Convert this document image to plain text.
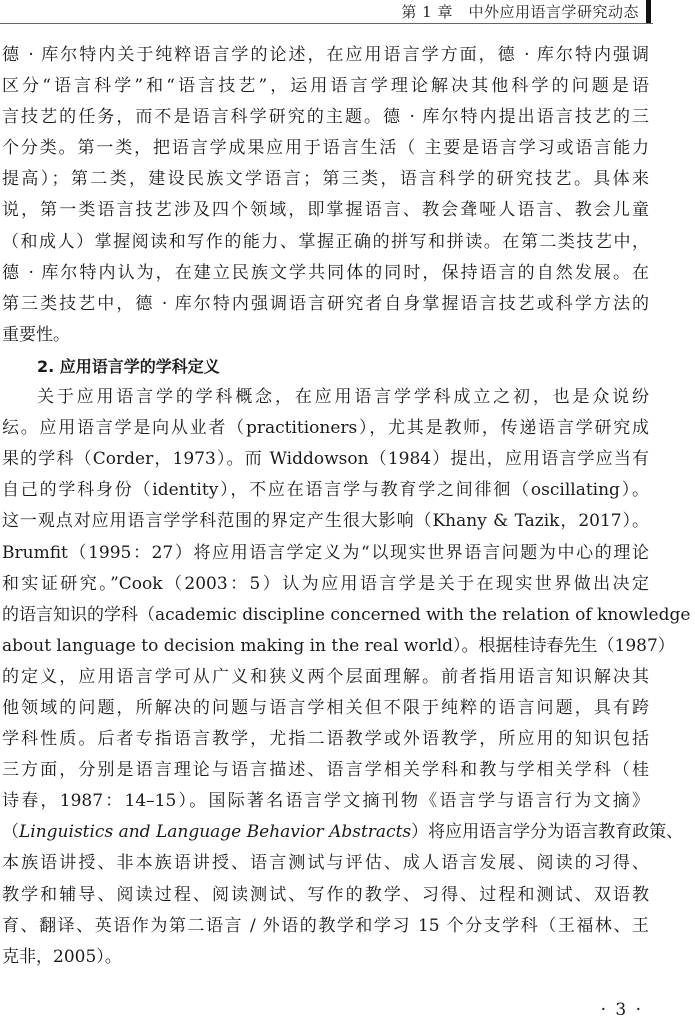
第 1 章　中外应用语言学研究动态

德 · 库尔特内关于纯粹语言学的论述，在应用语言学方面，德 · 库尔特内强调
区分“语言科学”和“语言技艺”，运用语言学理论解决其他科学的问题是语
言技艺的任务，而不是语言科学研究的主题。德 · 库尔特内提出语言技艺的三
个分类。第一类，把语言学成果应用于语言生活（ 主要是语言学习或语言能力
提高）；第二类，建设民族文学语言；第三类，语言科学的研究技艺。具体来
说，第一类语言技艺涉及四个领域，即掌握语言、教会聋哑人语言、教会儿童
（和成人）掌握阅读和写作的能力、掌握正确的拼写和拼读。在第二类技艺中，
德 · 库尔特内认为，在建立民族文学共同体的同时，保持语言的自然发展。在
第三类技艺中，德 · 库尔特内强调语言研究者自身掌握语言技艺或科学方法的
重要性。
2. 应用语言学的学科定义
关于应用语言学的学科概念，在应用语言学学科成立之初，也是众说纷
纭。应用语言学是向从业者（practitioners），尤其是教师，传递语言学研究成
果的学科（Corder，1973）。而 Widdowson（1984）提出，应用语言学应当有
自己的学科身份（identity），不应在语言学与教育学之间徘徊（oscillating）。
这一观点对应用语言学学科范围的界定产生很大影响（Khany & Tazik，2017）。
Brumfit（1995：27）将应用语言学定义为“以现实世界语言问题为中心的理论
和实证研究。”Cook（2003：5）认为应用语言学是关于在现实世界做出决定
的语言知识的学科（academic discipline concerned with the relation of knowledge
about language to decision making in the real world）。根据桂诗春先生（1987）
的定义，应用语言学可从广义和狭义两个层面理解。前者指用语言知识解决其
他领域的问题，所解决的问题与语言学相关但不限于纯粹的语言问题，具有跨
学科性质。后者专指语言教学，尤指二语教学或外语教学，所应用的知识包括
三方面，分别是语言理论与语言描述、语言学相关学科和教与学相关学科（桂
诗春，1987：14–15）。国际著名语言学文摘刊物《语言学与语言行为文摘》
（Linguistics and Language Behavior Abstracts）将应用语言学分为语言教育政策、
本族语讲授、非本族语讲授、语言测试与评估、成人语言发展、阅读的习得、
教学和辅导、阅读过程、阅读测试、写作的教学、习得、过程和测试、双语教
育、翻译、英语作为第二语言 / 外语的教学和学习 15 个分支学科（王福林、王
克非，2005）。
· 3 ·
